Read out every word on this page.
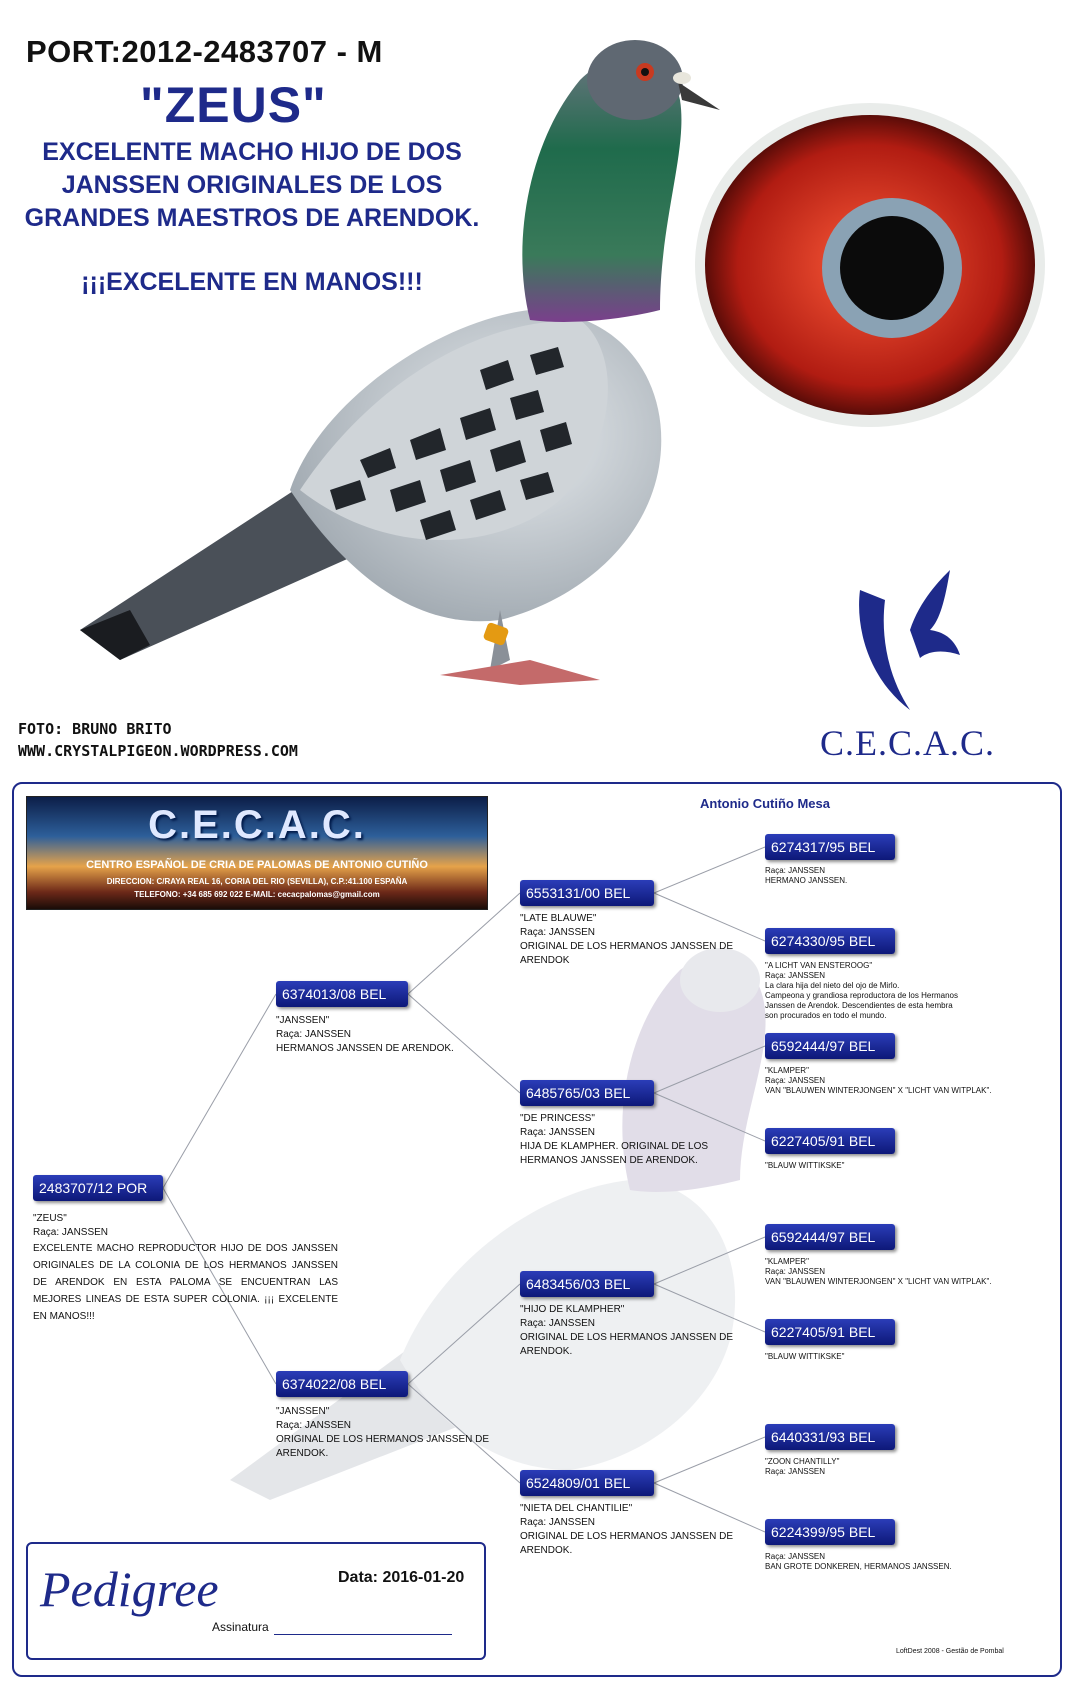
PORT:2012-2483707 - M
"ZEUS"
EXCELENTE MACHO HIJO DE DOS JANSSEN ORIGINALES DE LOS GRANDES MAESTROS DE ARENDOK.
¡¡¡EXCELENTE EN MANOS!!!
C.E.C.A.C.
FOTO: BRUNO BRITO
WWW.CRYSTALPIGEON.WORDPRESS.COM
C.E.C.A.C.
CENTRO ESPAÑOL DE CRIA DE PALOMAS DE ANTONIO CUTIÑO
DIRECCION: C/RAYA REAL 16, CORIA DEL RIO (SEVILLA), C.P.:41.100 ESPAÑA
TELEFONO: +34 685 692 022 E-MAIL: cecacpalomas@gmail.com
Antonio Cutiño Mesa
2483707/12 POR
"ZEUS"
Raça: JANSSEN
EXCELENTE MACHO REPRODUCTOR HIJO DE DOS JANSSEN ORIGINALES DE LA COLONIA DE LOS HERMANOS JANSSEN DE ARENDOK EN ESTA PALOMA SE ENCUENTRAN LAS MEJORES LINEAS DE ESTA SUPER COLONIA. ¡¡¡ EXCELENTE EN MANOS!!!
6374013/08 BEL
"JANSSEN"
Raça: JANSSEN
HERMANOS JANSSEN DE ARENDOK.
6374022/08 BEL
"JANSSEN"
Raça: JANSSEN
ORIGINAL DE LOS HERMANOS JANSSEN DE
ARENDOK.
6553131/00 BEL
"LATE BLAUWE"
Raça: JANSSEN
ORIGINAL DE LOS HERMANOS JANSSEN DE
ARENDOK
6485765/03 BEL
"DE PRINCESS"
Raça: JANSSEN
HIJA DE KLAMPHER. ORIGINAL DE LOS
HERMANOS JANSSEN DE ARENDOK.
6483456/03 BEL
"HIJO DE KLAMPHER"
Raça: JANSSEN
ORIGINAL DE LOS HERMANOS JANSSEN DE
ARENDOK.
6524809/01 BEL
"NIETA DEL CHANTILIE"
Raça: JANSSEN
ORIGINAL DE LOS HERMANOS JANSSEN DE
ARENDOK.
6274317/95 BEL
Raça: JANSSEN
HERMANO JANSSEN.
6274330/95 BEL
"A LICHT VAN ENSTEROOG"
Raça: JANSSEN
La clara hija del nieto del ojo de Mirlo.
Campeona y grandiosa reproductora de los Hermanos
Janssen de Arendok. Descendientes de esta hembra
son procurados en todo el mundo.
6592444/97 BEL
"KLAMPER"
Raça: JANSSEN
VAN "BLAUWEN WINTERJONGEN" X "LICHT VAN WITPLAK".
6227405/91 BEL
"BLAUW WITTIKSKE"
6592444/97 BEL
"KLAMPER"
Raça: JANSSEN
VAN "BLAUWEN WINTERJONGEN" X "LICHT VAN WITPLAK".
6227405/91 BEL
"BLAUW WITTIKSKE"
6440331/93 BEL
"ZOON CHANTILLY"
Raça: JANSSEN
6224399/95 BEL
Raça: JANSSEN
BAN GROTE DONKEREN, HERMANOS JANSSEN.
Pedigree	Data: 2016-01-20
Assinatura
LoftDest 2008 - Gestão de Pombal
